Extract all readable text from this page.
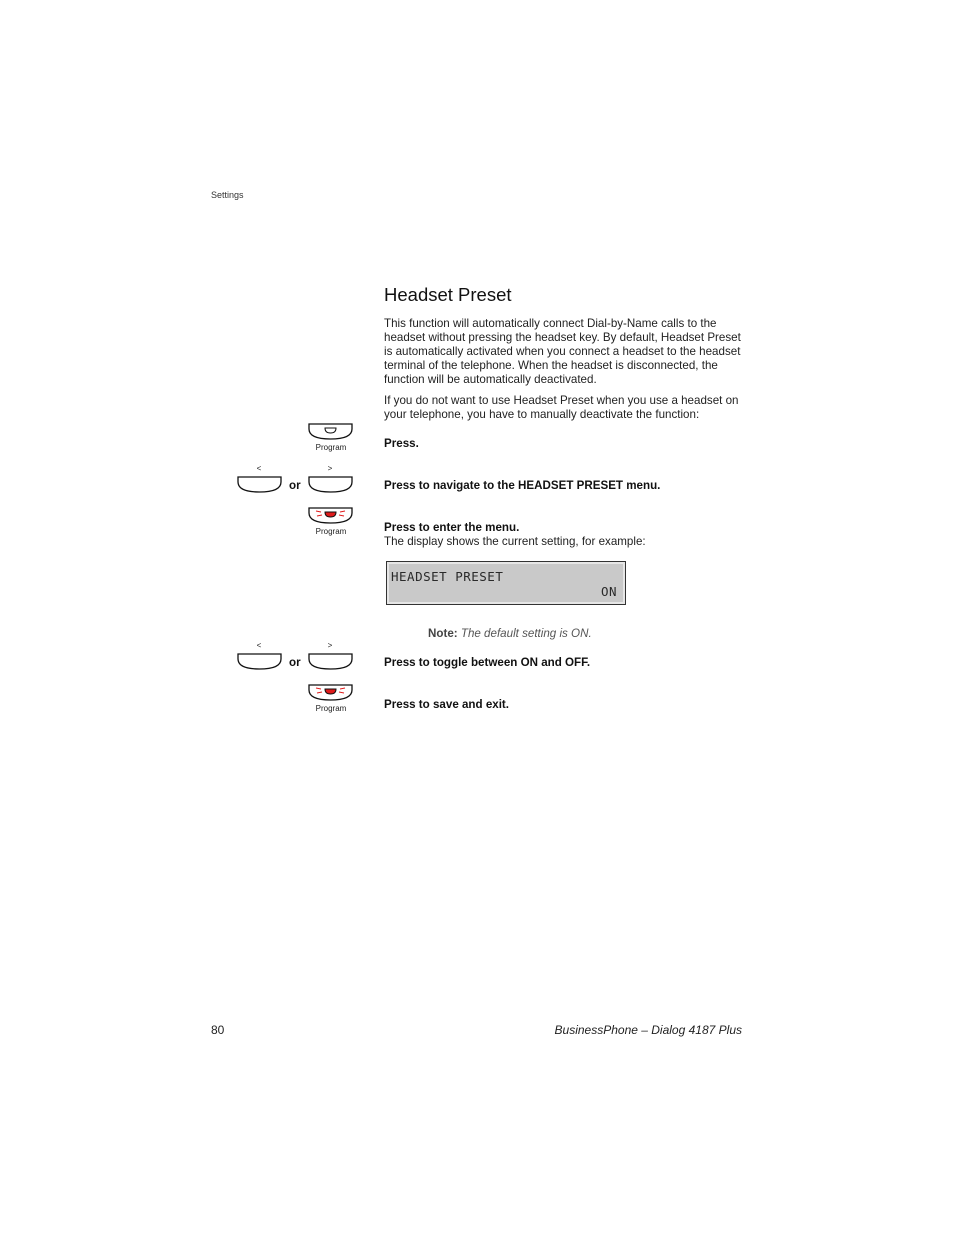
Settings
Headset Preset

This function will automatically connect Dial-by-Name calls to the headset without pressing the headset key. By default, Headset Preset is automatically activated when you connect a headset to the headset terminal of the telephone. When the headset is disconnected, the function will be automatically deactivated.

If you do not want to use Headset Preset when you use a headset on your telephone, you have to manually deactivate the function:

Program	Press.
<	>
or	Press to navigate to the HEADSET PRESET menu.
Program	Press to enter the menu.
The display shows the current setting, for example:
HEADSET PRESET
ON
Note: The default setting is ON.
<	>
or	Press to toggle between ON and OFF.
Program	Press to save and exit.
80	BusinessPhone – Dialog 4187 Plus
